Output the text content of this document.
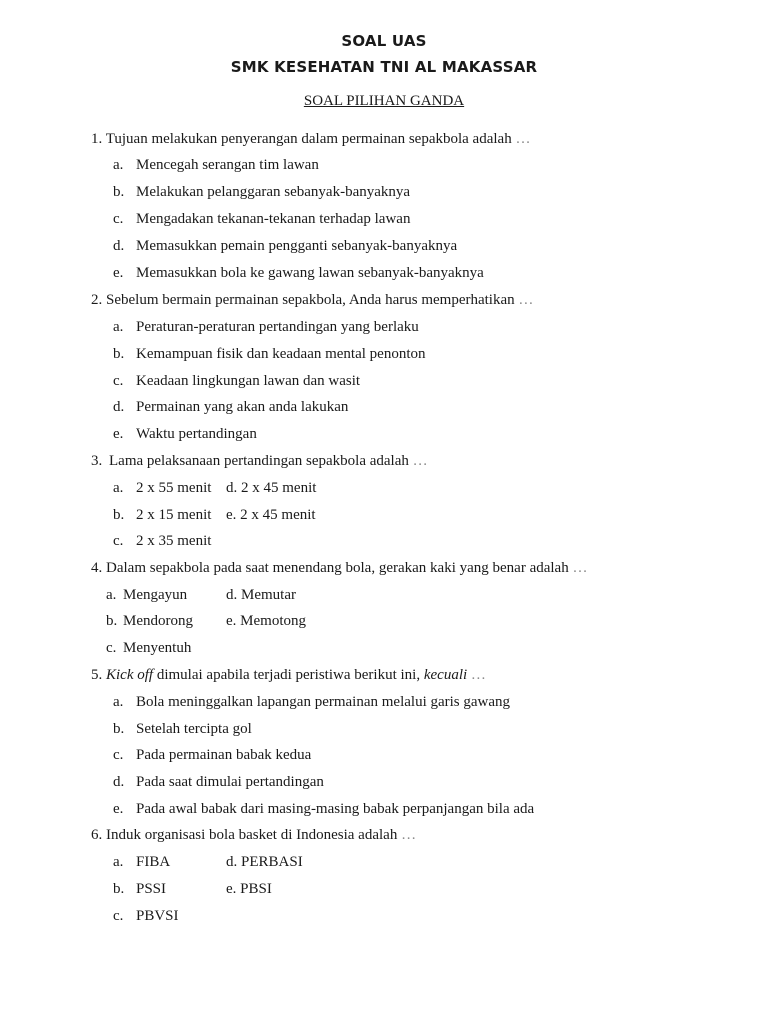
SOAL UAS
SMK KESEHATAN TNI AL MAKASSAR
SOAL PILIHAN GANDA
1. Tujuan melakukan penyerangan dalam permainan sepakbola adalah …
a. Mencegah serangan tim lawan
b. Melakukan pelanggaran sebanyak-banyaknya
c. Mengadakan tekanan-tekanan terhadap lawan
d. Memasukkan pemain pengganti sebanyak-banyaknya
e. Memasukkan bola ke gawang lawan sebanyak-banyaknya
2. Sebelum bermain permainan sepakbola, Anda harus memperhatikan …
a. Peraturan-peraturan pertandingan yang berlaku
b. Kemampuan fisik dan keadaan mental penonton
c. Keadaan lingkungan lawan dan wasit
d. Permainan yang akan anda lakukan
e. Waktu pertandingan
3. Lama pelaksanaan pertandingan sepakbola adalah …
a. 2 x 55 menit d. 2 x 45 menit
b. 2 x 15 menit e. 2 x 45 menit
c. 2 x 35 menit
4. Dalam sepakbola pada saat menendang bola, gerakan kaki yang benar adalah …
a. Mengayun	d. Memutar
b. Mendorong e. Memotong
c. Menyentuh
5. Kick off dimulai apabila terjadi peristiwa berikut ini, kecuali …
a. Bola meninggalkan lapangan permainan melalui garis gawang
b. Setelah tercipta gol
c. Pada permainan babak kedua
d. Pada saat dimulai pertandingan
e. Pada awal babak dari masing-masing babak perpanjangan bila ada
6. Induk organisasi bola basket di Indonesia adalah …
a. FIBA	d. PERBASI
b. PSSI	e. PBSI
c. PBVSI
